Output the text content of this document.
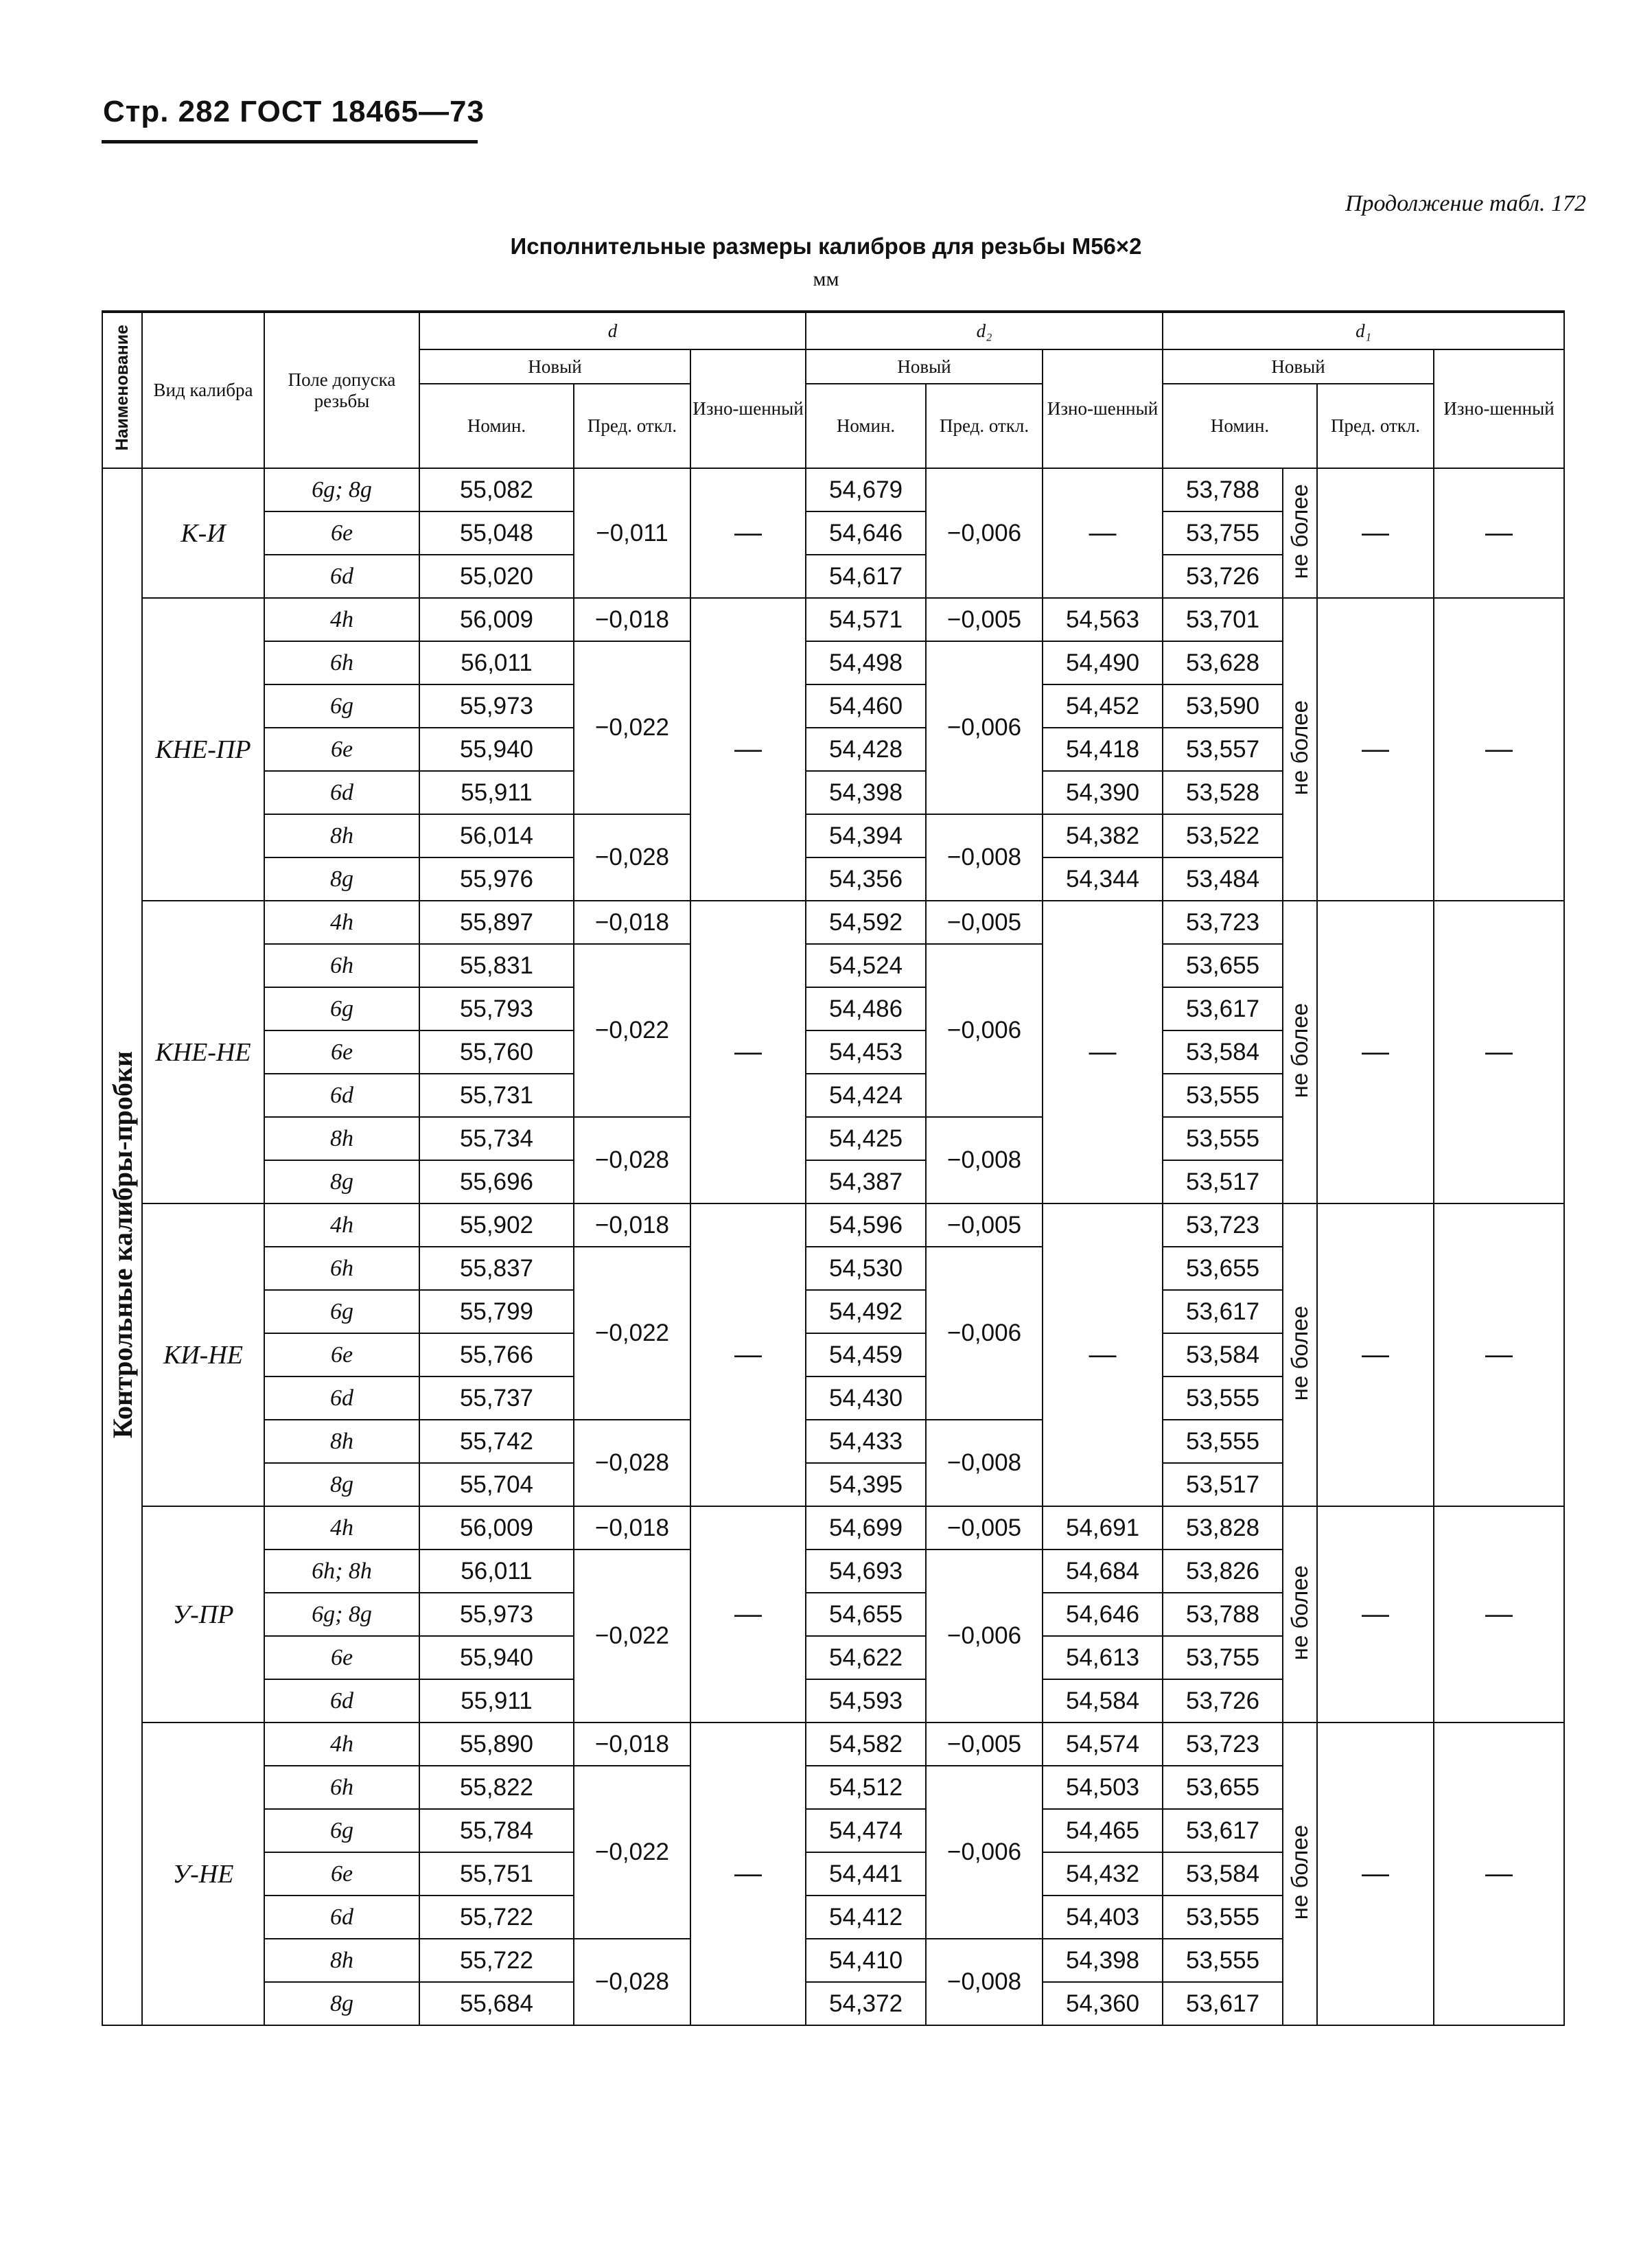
Стр. 282 ГОСТ 18465—73
Продолжение табл. 172
Исполнительные размеры калибров для резьбы M56×2
мм
Наименование	Вид калибра	Поле допуска резьбы	d			d₂			d₁			
			Новый		Изно-шенный	Новый		Изно-шенный	Новый			Изно-шенный
			Номин.	Пред. откл.		Номин.	Пред. откл.		Номин.		Пред. откл.	
Контрольные калибры-пробки	К-И	6g; 8g	55,082	−0,011	—	54,679	−0,006	—	53,788	не более	—	—
		6e	55,048			54,646			53,755			
		6d	55,020			54,617			53,726			
	КНЕ-ПР	4h	56,009	−0,018	—	54,571	−0,005	54,563	53,701	не более	—	—
		6h	56,011	−0,022		54,498	−0,006	54,490	53,628			
		6g	55,973			54,460		54,452	53,590			
		6e	55,940			54,428		54,418	53,557			
		6d	55,911			54,398		54,390	53,528			
		8h	56,014	−0,028		54,394	−0,008	54,382	53,522			
		8g	55,976			54,356		54,344	53,484			
	КНЕ-НЕ	4h	55,897	−0,018	—	54,592	−0,005	—	53,723	не более	—	—
		6h	55,831	−0,022		54,524	−0,006		53,655			
		6g	55,793			54,486			53,617			
		6e	55,760			54,453			53,584			
		6d	55,731			54,424			53,555			
		8h	55,734	−0,028		54,425	−0,008		53,555			
		8g	55,696			54,387			53,517			
	КИ-НЕ	4h	55,902	−0,018	—	54,596	−0,005	—	53,723	не более	—	—
		6h	55,837	−0,022		54,530	−0,006		53,655			
		6g	55,799			54,492			53,617			
		6e	55,766			54,459			53,584			
		6d	55,737			54,430			53,555			
		8h	55,742	−0,028		54,433	−0,008		53,555			
		8g	55,704			54,395			53,517			
	У-ПР	4h	56,009	−0,018	—	54,699	−0,005	54,691	53,828	не более	—	—
		6h; 8h	56,011	−0,022		54,693	−0,006	54,684	53,826			
		6g; 8g	55,973			54,655		54,646	53,788			
		6e	55,940			54,622		54,613	53,755			
		6d	55,911			54,593		54,584	53,726			
	У-НЕ	4h	55,890	−0,018	—	54,582	−0,005	54,574	53,723	не более	—	—
		6h	55,822	−0,022		54,512	−0,006	54,503	53,655			
		6g	55,784			54,474		54,465	53,617			
		6e	55,751			54,441		54,432	53,584			
		6d	55,722			54,412		54,403	53,555			
		8h	55,722	−0,028		54,410	−0,008	54,398	53,555			
		8g	55,684			54,372		54,360	53,617			
